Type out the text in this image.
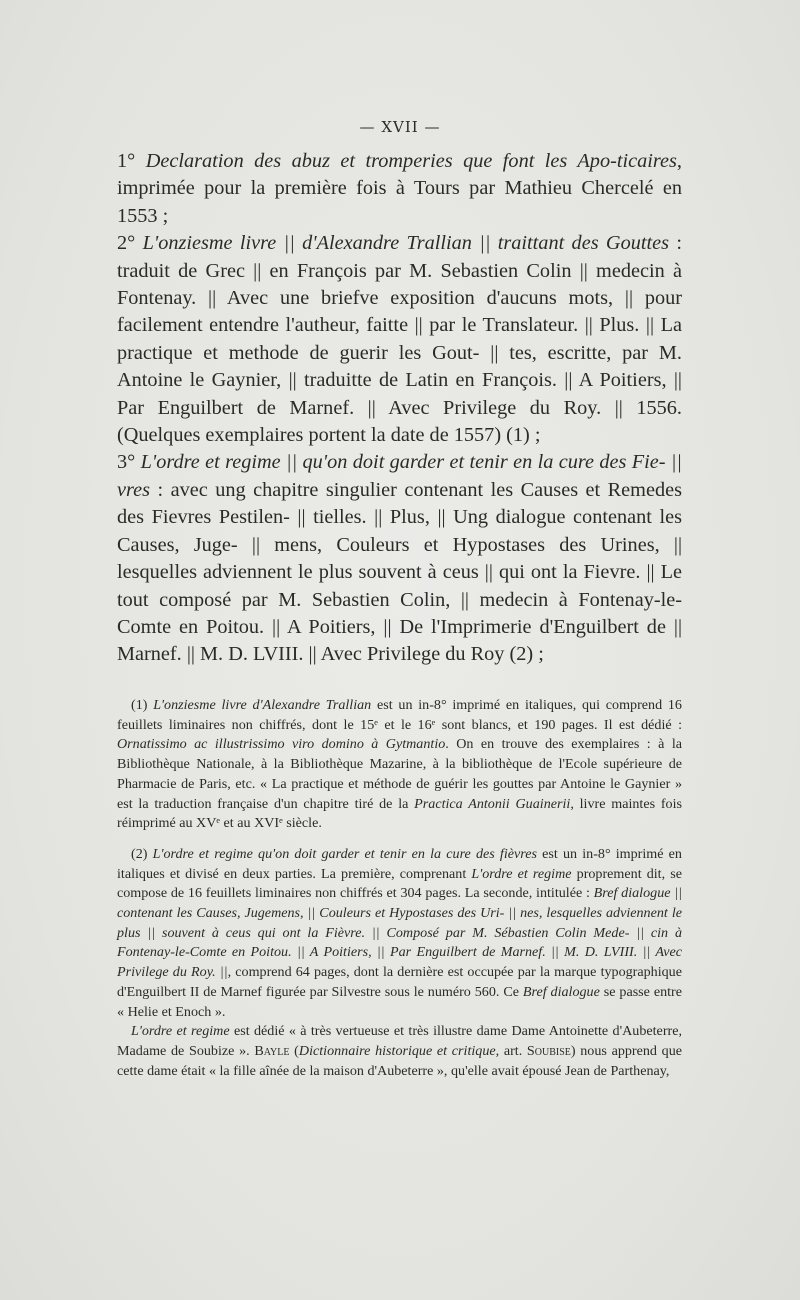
— XVII —

1° Declaration des abuz et tromperies que font les Apo-ticaires, imprimée pour la première fois à Tours par Mathieu Chercelé en 1553 ;

2° L'onziesme livre || d'Alexandre Trallian || traittant des Gouttes : traduit de Grec || en François par M. Sebastien Colin || medecin à Fontenay. || Avec une briefve exposition d'aucuns mots, || pour facilement entendre l'autheur, faitte || par le Translateur. || Plus. || La practique et methode de guerir les Gout- || tes, escritte, par M. Antoine le Gaynier, || traduitte de Latin en François. || A Poitiers, || Par Enguilbert de Marnef. || Avec Privilege du Roy. || 1556. (Quelques exemplaires portent la date de 1557) (1) ;

3° L'ordre et regime || qu'on doit garder et tenir en la cure des Fie- || vres : avec ung chapitre singulier contenant les Causes et Remedes des Fievres Pestilen- || tielles. || Plus, || Ung dialogue contenant les Causes, Juge- || mens, Couleurs et Hypostases des Urines, || lesquelles adviennent le plus souvent à ceus || qui ont la Fievre. || Le tout composé par M. Sebastien Colin, || medecin à Fontenay-le-Comte en Poitou. || A Poitiers, || De l'Imprimerie d'Enguilbert de || Marnef. || M. D. LVIII. || Avec Privilege du Roy (2) ;

(1) L'onziesme livre d'Alexandre Trallian est un in-8° imprimé en italiques, qui comprend 16 feuillets liminaires non chiffrés, dont le 15ᵉ et le 16ᵉ sont blancs, et 190 pages. Il est dédié : Ornatissimo ac illustrissimo viro domino à Gytmantio. On en trouve des exemplaires : à la Bibliothèque Nationale, à la Bibliothèque Mazarine, à la bibliothèque de l'Ecole supérieure de Pharmacie de Paris, etc. « La practique et méthode de guérir les gouttes par Antoine le Gaynier » est la traduction française d'un chapitre tiré de la Practica Antonii Guainerii, livre maintes fois réimprimé au XVᵉ et au XVIᵉ siècle.

(2) L'ordre et regime qu'on doit garder et tenir en la cure des fièvres est un in-8° imprimé en italiques et divisé en deux parties. La première, comprenant L'ordre et regime proprement dit, se compose de 16 feuillets liminaires non chiffrés et 304 pages. La seconde, intitulée : Bref dialogue || contenant les Causes, Jugemens, || Couleurs et Hypostases des Uri- || nes, lesquelles adviennent le plus || souvent à ceus qui ont la Fièvre. || Composé par M. Sébastien Colin Mede- || cin à Fontenay-le-Comte en Poitou. || A Poitiers, || Par Enguilbert de Marnef. || M. D. LVIII. || Avec Privilege du Roy. ||, comprend 64 pages, dont la dernière est occupée par la marque typographique d'Enguilbert II de Marnef figurée par Silvestre sous le numéro 560. Ce Bref dialogue se passe entre « Helie et Enoch ».

L'ordre et regime est dédié « à très vertueuse et très illustre dame Dame Antoinette d'Aubeterre, Madame de Soubize ». Bayle (Dictionnaire historique et critique, art. Soubise) nous apprend que cette dame était « la fille aînée de la maison d'Aubeterre », qu'elle avait épousé Jean de Parthenay,
